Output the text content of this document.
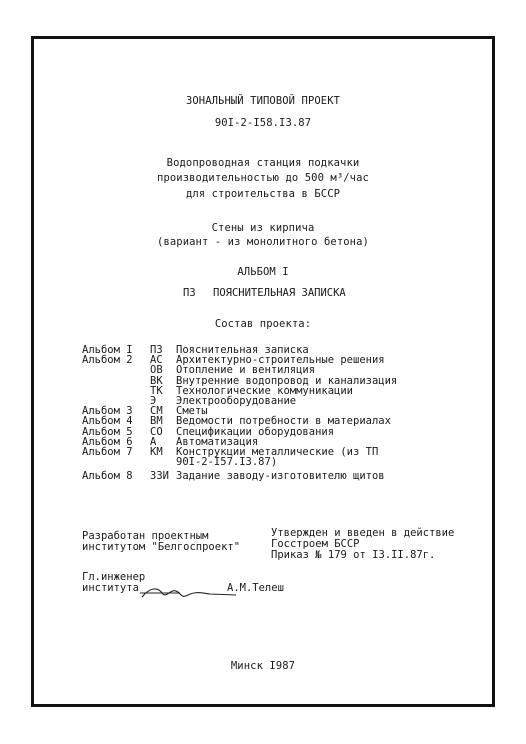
ЗОНАЛЬНЫЙ ТИПОВОЙ ПРОЕКТ
90I-2-I58.I3.87
Водопроводная станция подкачки
производительностью до 500 м³/час
для строительства в БССР
Стены из кирпича
(вариант - из монолитного бетона)
АЛЬБОМ I
ПЗ ПОЯСНИТЕЛЬНАЯ ЗАПИСКА
Состав проекта:
Альбом I ПЗ Пояснительная записка
Альбом 2 АС Архитектурно-строительные решения
ОВ Отопление и вентиляция
ВК Внутренние водопровод и канализация
ТК Технологические коммуникации
Э Электрооборудование
Альбом 3 СМ Сметы
Альбом 4 ВМ Ведомости потребности в материалах
Альбом 5 СО Спецификации оборудования
Альбом 6 А Автоматизация
Альбом 7 КМ Конструкции металлические (из ТП
90I-2-I57.I3.87)
Альбом 8 ЗЗИ Задание заводу-изготовителю щитов
Разработан проектным
институтом "Белгоспроект"
Утвержден и введен в действие
Госстроем БССР
Приказ № 179 от I3.II.87г.
Гл.инженер
института	А.М.Телеш
Минск I987
